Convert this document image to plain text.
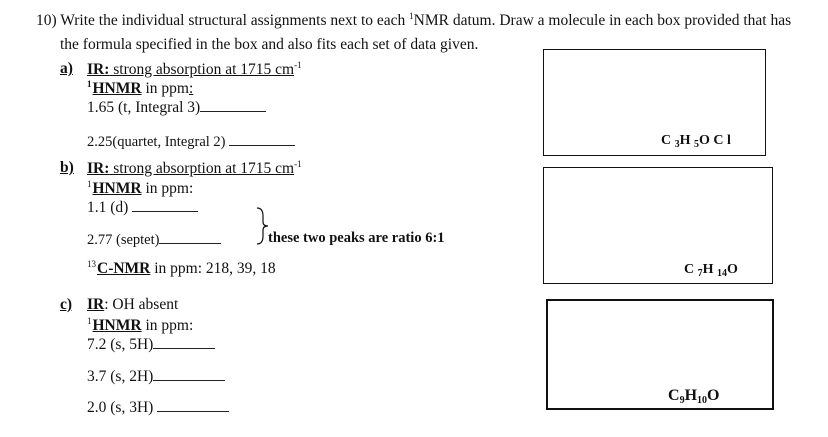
10) Write the individual structural assignments next to each $^1$NMR datum. Draw a molecule in each box provided that has
the formula specified in the box and also fits each set of data given.
a) IR: strong absorption at 1715 $cm^{-1}$
$^1$HNMR in ppm:
1.65 (t, Integral 3)
2.25(quartet, Integral 2)	C $_3$H $_5$O C l
b) IR: strong absorption at 1715 $cm^{-1}$
$^1$HNMR in ppm:
1.1 (d)
2.77 (septet)	these two peaks are ratio 6:1
$^{13}$C-NMR in ppm: 218, 39, 18	C $_7$H $_{14}$O
c) IR: OH absent
$^1$HNMR in ppm:
7.2 (s, 5H)
3.7 (s, 2H)
2.0 (s, 3H)
$C_9H_{10}O$
